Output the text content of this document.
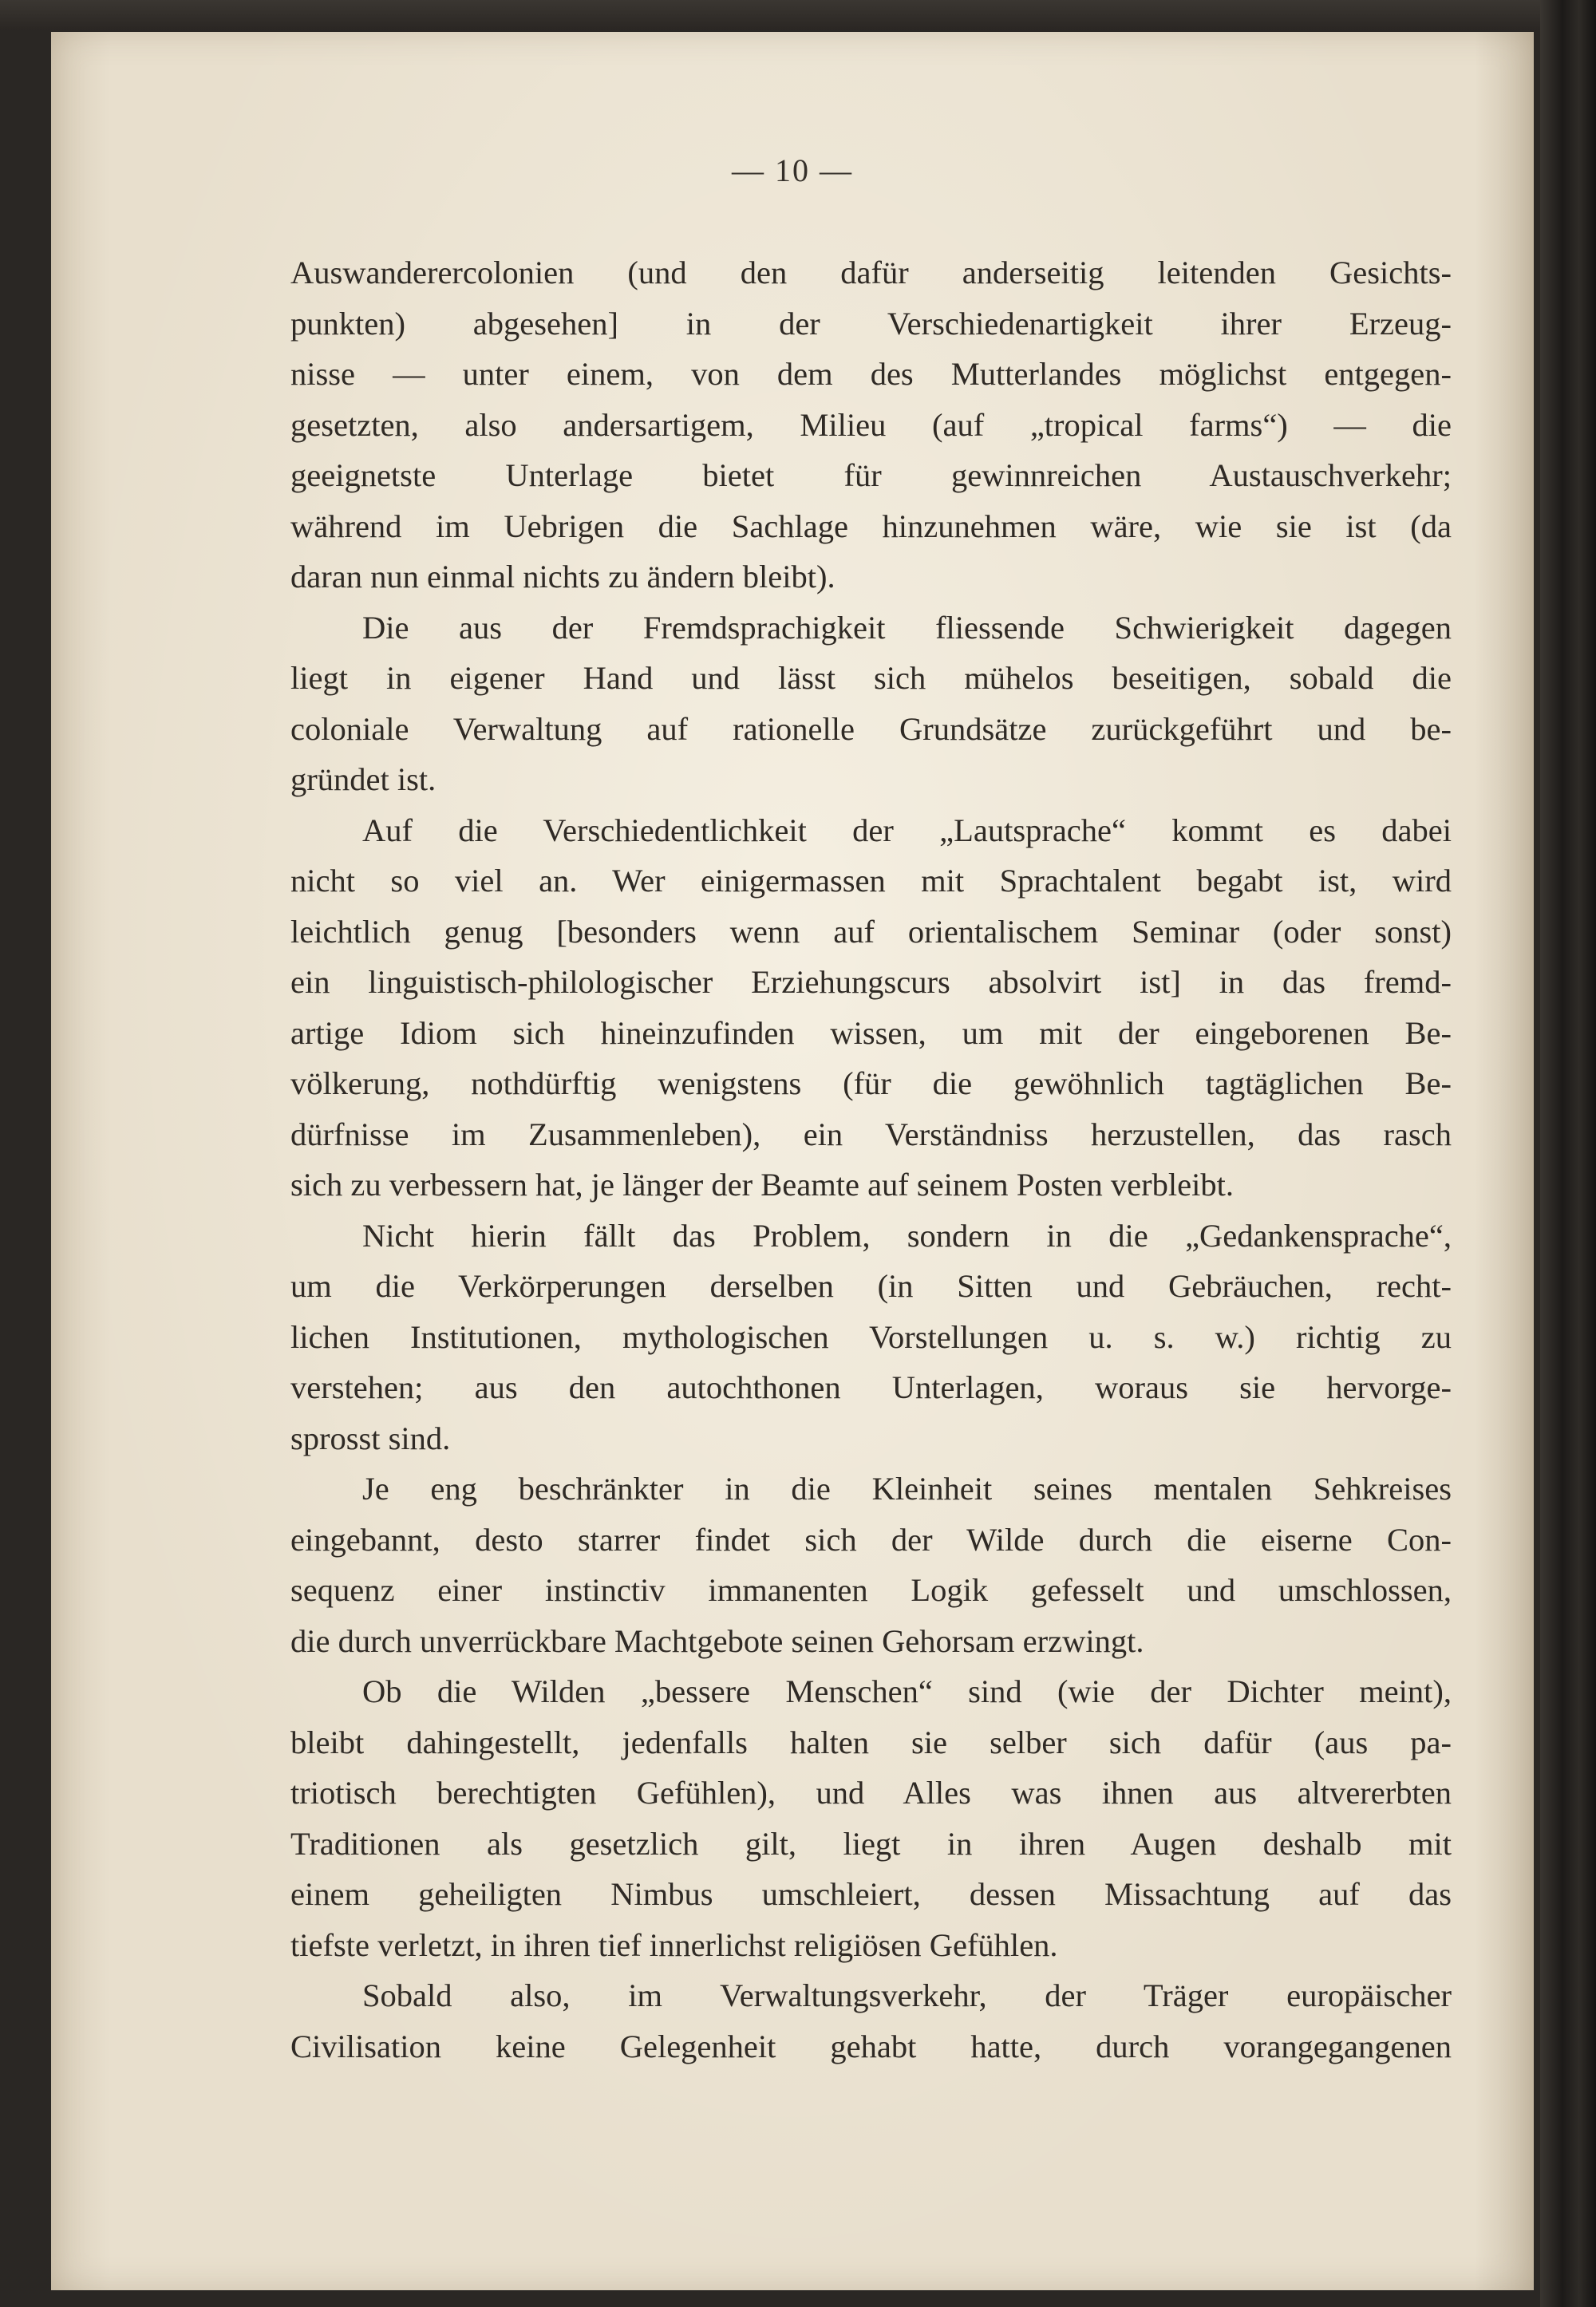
— 10 —
Auswanderercolonien (und den dafür anderseitig leitenden Gesichts-
punkten) abgesehen] in der Verschiedenartigkeit ihrer Erzeug-
nisse — unter einem, von dem des Mutterlandes möglichst entgegen-
gesetzten, also andersartigem, Milieu (auf „tropical farms“) — die
geeignetste Unterlage bietet für gewinnreichen Austauschverkehr;
während im Uebrigen die Sachlage hinzunehmen wäre, wie sie ist (da
daran nun einmal nichts zu ändern bleibt).
Die aus der Fremdsprachigkeit fliessende Schwierigkeit dagegen
liegt in eigener Hand und lässt sich mühelos beseitigen, sobald die
coloniale Verwaltung auf rationelle Grundsätze zurückgeführt und be-
gründet ist.
Auf die Verschiedentlichkeit der „Lautsprache“ kommt es dabei
nicht so viel an. Wer einigermassen mit Sprachtalent begabt ist, wird
leichtlich genug [besonders wenn auf orientalischem Seminar (oder sonst)
ein linguistisch-philologischer Erziehungscurs absolvirt ist] in das fremd-
artige Idiom sich hineinzufinden wissen, um mit der eingeborenen Be-
völkerung, nothdürftig wenigstens (für die gewöhnlich tagtäglichen Be-
dürfnisse im Zusammenleben), ein Verständniss herzustellen, das rasch
sich zu verbessern hat, je länger der Beamte auf seinem Posten verbleibt.
Nicht hierin fällt das Problem, sondern in die „Gedankensprache“,
um die Verkörperungen derselben (in Sitten und Gebräuchen, recht-
lichen Institutionen, mythologischen Vorstellungen u. s. w.) richtig zu
verstehen; aus den autochthonen Unterlagen, woraus sie hervorge-
sprosst sind.
Je eng beschränkter in die Kleinheit seines mentalen Sehkreises
eingebannt, desto starrer findet sich der Wilde durch die eiserne Con-
sequenz einer instinctiv immanenten Logik gefesselt und umschlossen,
die durch unverrückbare Machtgebote seinen Gehorsam erzwingt.
Ob die Wilden „bessere Menschen“ sind (wie der Dichter meint),
bleibt dahingestellt, jedenfalls halten sie selber sich dafür (aus pa-
triotisch berechtigten Gefühlen), und Alles was ihnen aus altvererbten
Traditionen als gesetzlich gilt, liegt in ihren Augen deshalb mit
einem geheiligten Nimbus umschleiert, dessen Missachtung auf das
tiefste verletzt, in ihren tief innerlichst religiösen Gefühlen.
Sobald also, im Verwaltungsverkehr, der Träger europäischer
Civilisation keine Gelegenheit gehabt hatte, durch vorangegangenen
